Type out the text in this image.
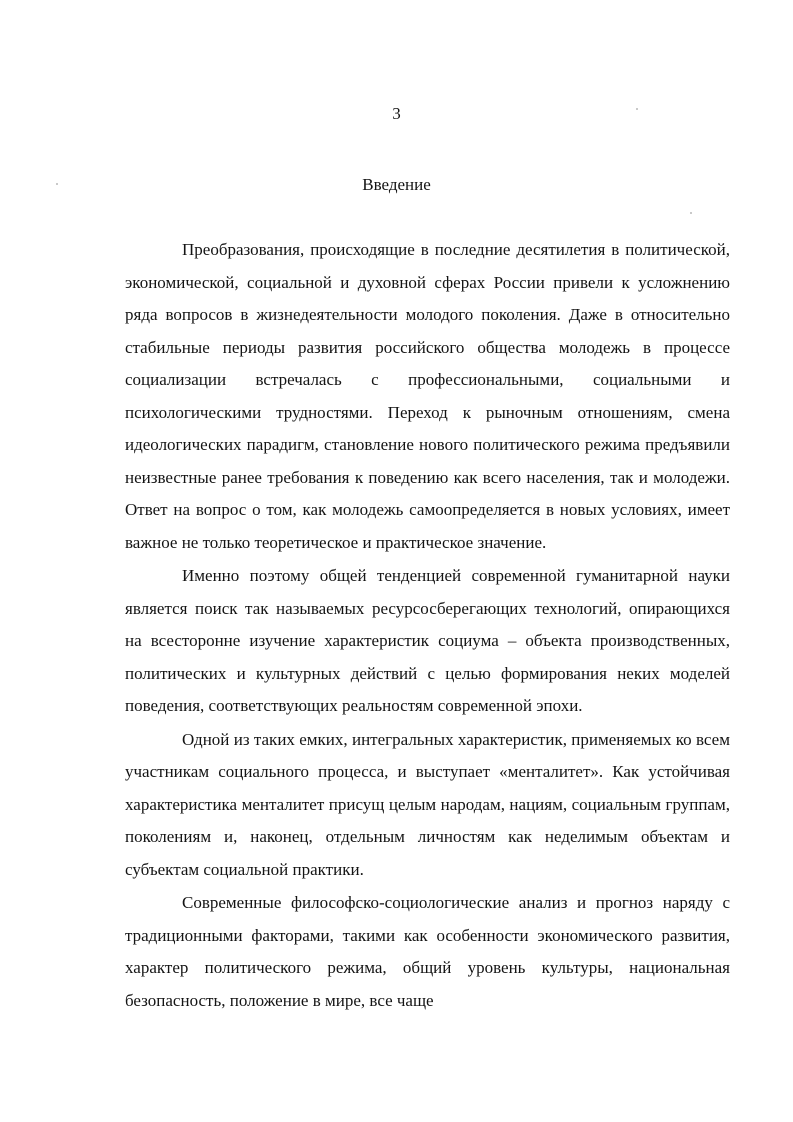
3
Введение

Преобразования, происходящие в последние десятилетия в политической, экономической, социальной и духовной сферах России привели к усложнению ряда вопросов в жизнедеятельности молодого поколения. Даже в относительно стабильные периоды развития российского общества молодежь в процессе социализации встречалась с профессиональными, социальными и психологическими трудностями. Переход к рыночным отношениям, смена идеологических парадигм, становление нового политического режима предъявили неизвестные ранее требования к поведению как всего населения, так и молодежи. Ответ на вопрос о том, как молодежь самоопределяется в новых условиях, имеет важное не только теоретическое и практическое значение.

Именно поэтому общей тенденцией современной гуманитарной науки является поиск так называемых ресурсосберегающих технологий, опирающихся на всесторонне изучение характеристик социума – объекта производственных, политических и культурных действий с целью формирования неких моделей поведения, соответствующих реальностям современной эпохи.

Одной из таких емких, интегральных характеристик, применяемых ко всем участникам социального процесса, и выступает «менталитет». Как устойчивая характеристика менталитет присущ целым народам, нациям, социальным группам, поколениям и, наконец, отдельным личностям как неделимым объектам и субъектам социальной практики.

Современные философско-социологические анализ и прогноз наряду с традиционными факторами, такими как особенности экономического развития, характер политического режима, общий уровень культуры, национальная безопасность, положение в мире, все чаще
